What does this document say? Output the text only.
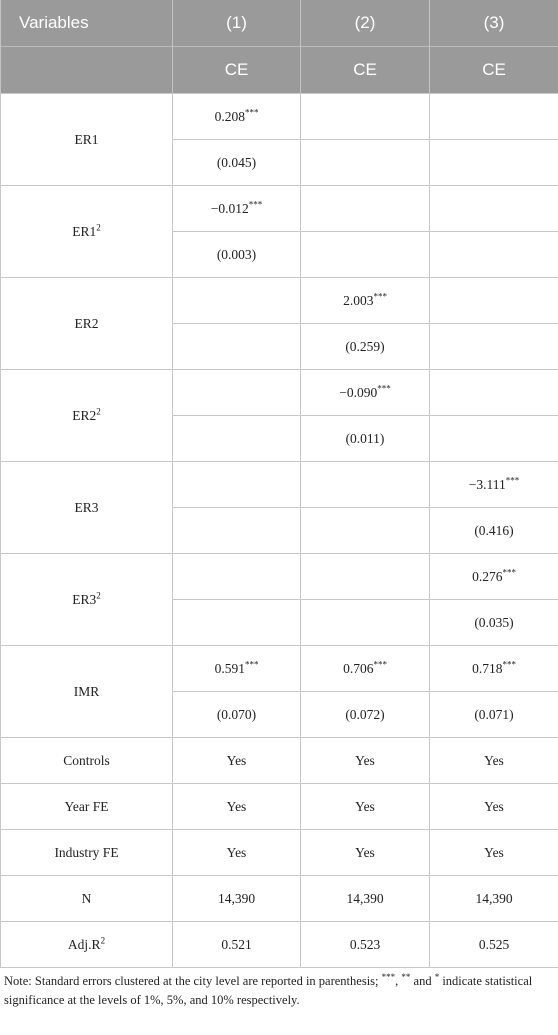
Variables	(1)	(2)	(3)
	CE	CE	CE
ER1	0.208***		
	(0.045)		
$ER1^2$	−0.012***		
	(0.003)		
ER2		2.003***	
		(0.259)	
$ER2^2$		−0.090***	
		(0.011)	
ER3			−3.111***
			(0.416)
$ER3^2$			0.276***
			(0.035)
IMR	0.591***	0.706***	0.718***
	(0.070)	(0.072)	(0.071)
Controls	Yes	Yes	Yes
Year FE	Yes	Yes	Yes
Industry FE	Yes	Yes	Yes
N	14,390	14,390	14,390
$Adj.R^2$	0.521	0.523	0.525
Note: Standard errors clustered at the city level are reported in parenthesis; ***, ** and * indicate statistical significance at the levels of 1%, 5%, and 10% respectively.
